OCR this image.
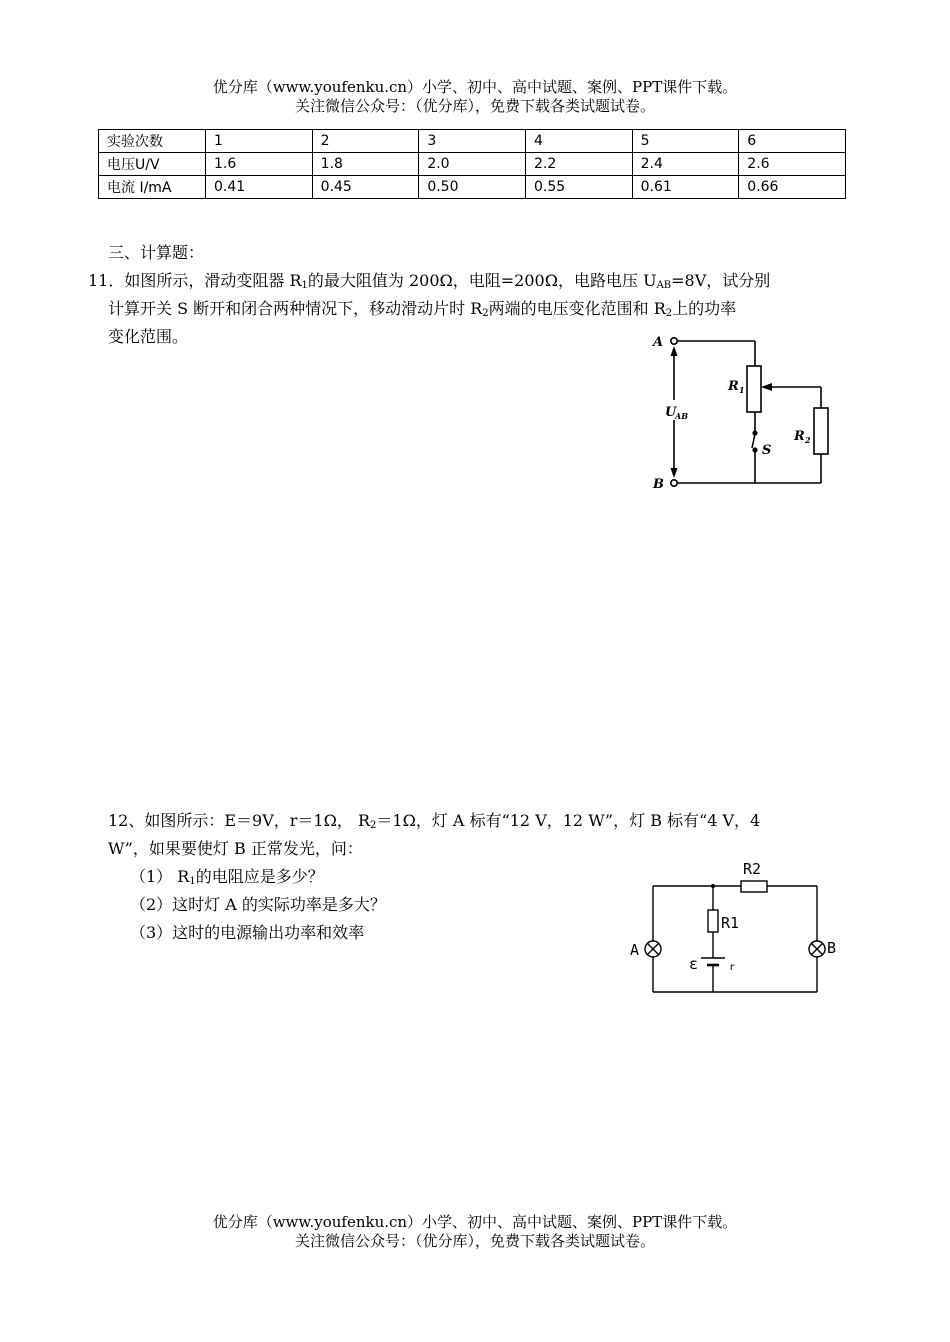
优分库（www.youfenku.cn）小学、初中、高中试题、案例、PPT课件下载。
关注微信公众号：（优分库），免费下载各类试题试卷。
实验次数	1	2	3	4	5	6
电压U/V	1.6	1.8	2.0	2.2	2.4	2.6
电流 I/mA	0.41	0.45	0.50	0.55	0.61	0.66
三、计算题：
11．如图所示，滑动变阻器 $R_1$的最大阻值为 200Ω，电阻=200Ω，电路电压 $U_{AB}=8V$，试分别
计算开关 S 断开和闭合两种情况下，移动滑动片时 $R_2$两端的电压变化范围和 $R_2$上的功率
变化范围。	A
B
U
S
R
R
AB
1
2
12、如图所示：E＝9V，r＝1Ω， $R_2=1\Omega$，灯 A 标有“12 V，12 W”，灯 B 标有“4 V，4
W”，如果要使灯 B 正常发光，问：
（1） $R_1$的电阻应是多少？
（2）这时灯 A 的实际功率是多大？
（3）这时的电源输出功率和效率
R2
R1
A	B
ε	r
优分库（www.youfenku.cn）小学、初中、高中试题、案例、PPT课件下载。
关注微信公众号：（优分库），免费下载各类试题试卷。
